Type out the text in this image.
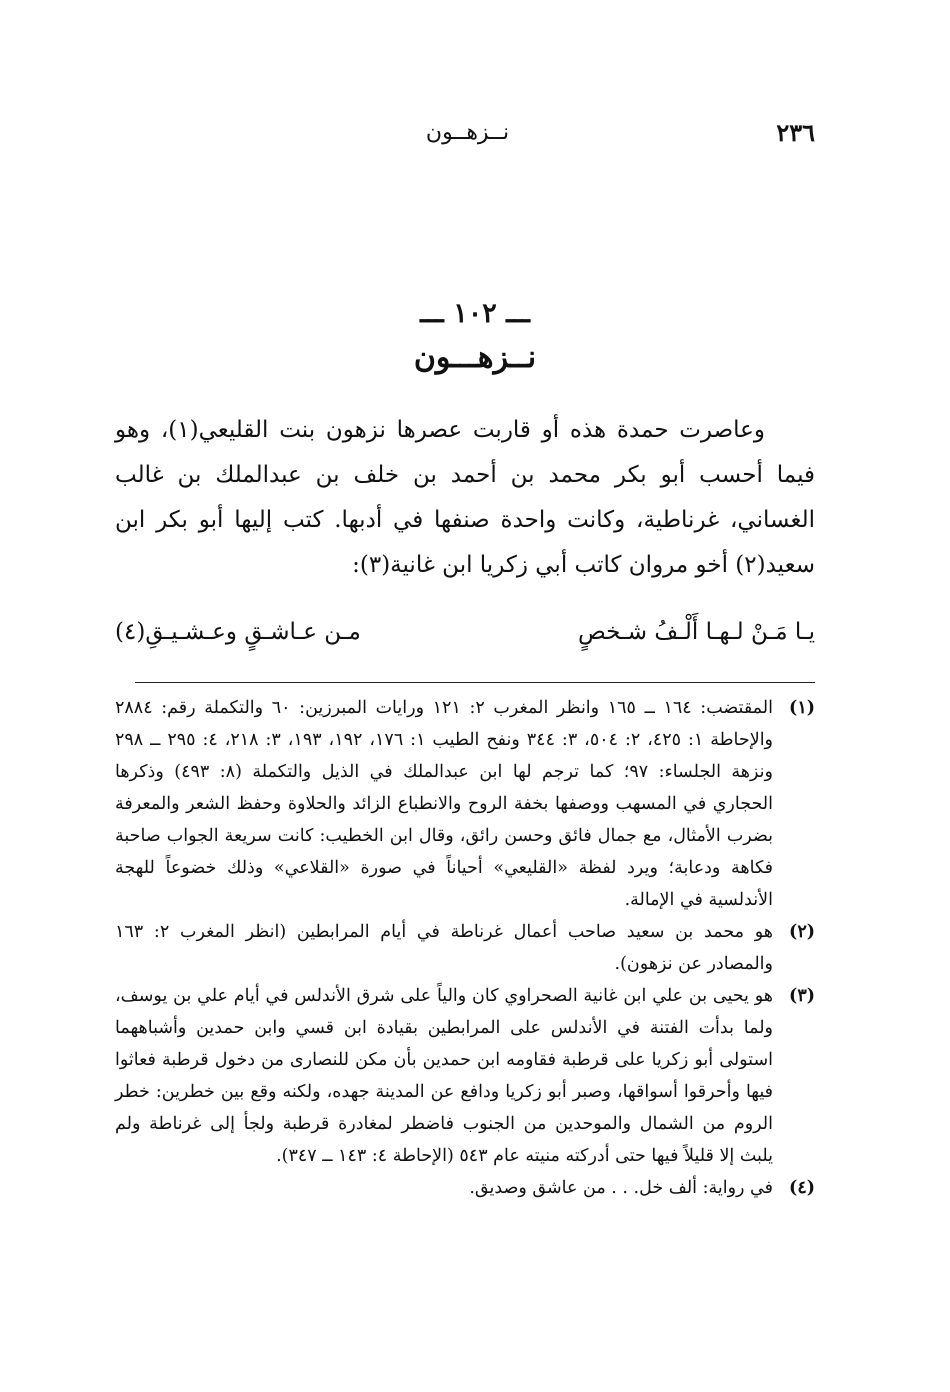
٢٣٦
نــزهــون
ـــ ١٠٢ ـــ
نــزهـــون

وعاصرت حمدة هذه أو قاربت عصرها نزهون بنت القليعي(١)، وهو فيما أحسب أبو بكر محمد بن أحمد بن خلف بن عبدالملك بن غالب الغساني، غرناطية، وكانت واحدة صنفها في أدبها. كتب إليها أبو بكر ابن سعيد(٢) أخو مروان كاتب أبي زكريا ابن غانية(٣):

يـا مَـنْ لـهـا أَلْـفُ شـخصٍ
مـن عـاشـقٍ وعـشـيـقِ(٤)
(١)
المقتضب: ١٦٤ ــ ١٦٥ وانظر المغرب ٢: ١٢١ ورايات المبرزين: ٦٠ والتكملة رقم: ٢٨٨٤ والإحاطة ١: ٤٢٥، ٢: ٥٠٤، ٣: ٣٤٤ ونفح الطيب ١: ١٧٦، ١٩٢، ١٩٣، ٣: ٢١٨، ٤: ٢٩٥ ــ ٢٩٨ ونزهة الجلساء: ٩٧؛ كما ترجم لها ابن عبدالملك في الذيل والتكملة (٨: ٤٩٣) وذكرها الحجاري في المسهب ووصفها بخفة الروح والانطباع الزائد والحلاوة وحفظ الشعر والمعرفة بضرب الأمثال، مع جمال فائق وحسن رائق، وقال ابن الخطيب: كانت سريعة الجواب صاحبة فكاهة ودعابة؛ ويرد لفظة «القليعي» أحياناً في صورة «القلاعي» وذلك خضوعاً للهجة الأندلسية في الإمالة.
(٢)
هو محمد بن سعيد صاحب أعمال غرناطة في أيام المرابطين (انظر المغرب ٢: ١٦٣ والمصادر عن نزهون).
(٣)
هو يحيى بن علي ابن غانية الصحراوي كان والياً على شرق الأندلس في أيام علي بن يوسف، ولما بدأت الفتنة في الأندلس على المرابطين بقيادة ابن قسي وابن حمدين وأشباههما استولى أبو زكريا على قرطبة فقاومه ابن حمدين بأن مكن للنصارى من دخول قرطبة فعاثوا فيها وأحرقوا أسواقها، وصبر أبو زكريا ودافع عن المدينة جهده، ولكنه وقع بين خطرين: خطر الروم من الشمال والموحدين من الجنوب فاضطر لمغادرة قرطبة ولجأ إلى غرناطة ولم يلبث إلا قليلاً فيها حتى أدركته منيته عام ٥٤٣ (الإحاطة ٤: ١٤٣ ــ ٣٤٧).
(٤)
في رواية: ألف خل. . . من عاشق وصديق.
